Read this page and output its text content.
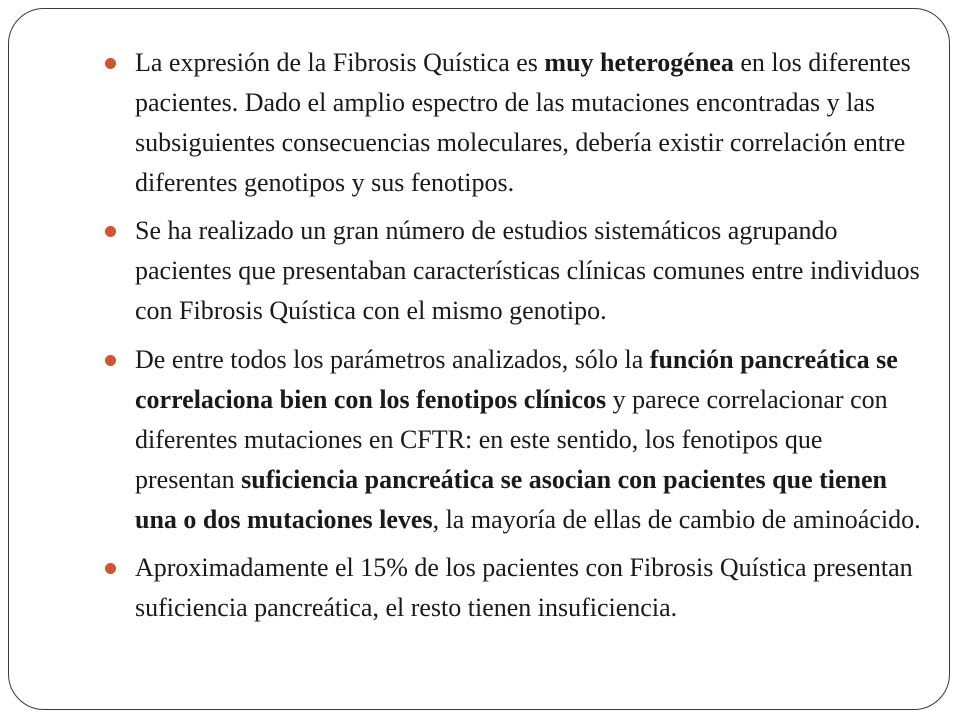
La expresión de la Fibrosis Quística es muy heterogénea en los diferentes pacientes. Dado el amplio espectro de las mutaciones encontradas y las subsiguientes consecuencias moleculares, debería existir correlación entre diferentes genotipos y sus fenotipos.
Se ha realizado un gran número de estudios sistemáticos agrupando pacientes que presentaban características clínicas comunes entre individuos con Fibrosis Quística con el mismo genotipo.
De entre todos los parámetros analizados, sólo la función pancreática se correlaciona bien con los fenotipos clínicos y parece correlacionar con diferentes mutaciones en CFTR: en este sentido, los fenotipos que presentan suficiencia pancreática se asocian con pacientes que tienen una o dos mutaciones leves, la mayoría de ellas de cambio de aminoácido.
Aproximadamente el 15% de los pacientes con Fibrosis Quística presentan suficiencia pancreática, el resto tienen insuficiencia.
